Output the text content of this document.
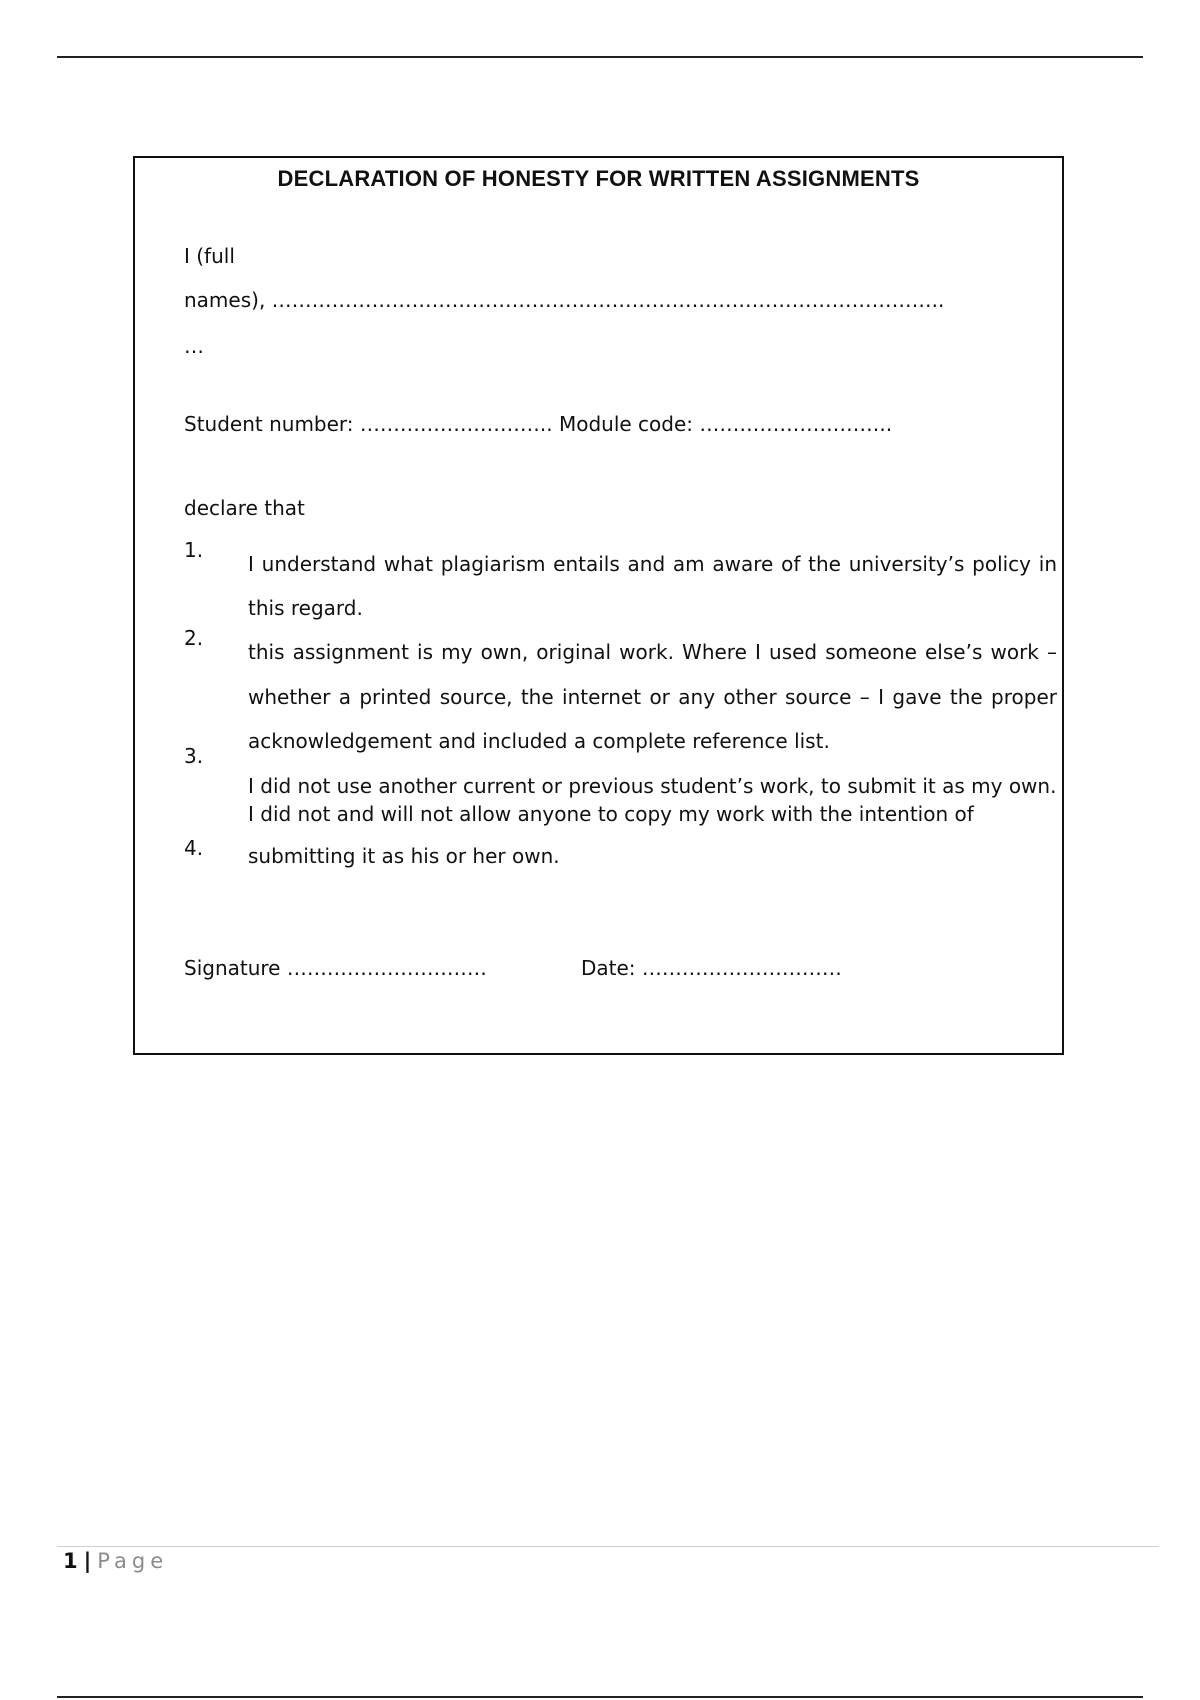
DECLARATION OF HONESTY FOR WRITTEN ASSIGNMENTS
I (full
names), ………………………………………………………………………………………..
…
Student number: ……………………….. Module code: ………………………..
declare that
1.
I understand what plagiarism entails and am aware of the university’s policy in
this regard.
2.
this assignment is my own, original work. Where I used someone else’s work –
whether a printed source, the internet or any other source – I gave the proper
acknowledgement and included a complete reference list.
3.
I did not use another current or previous student’s work, to submit it as my own.
4.
I did not and will not allow anyone to copy my work with the intention of
submitting it as his or her own.
Signature …………………………	Date: …………………………
1 | Page
